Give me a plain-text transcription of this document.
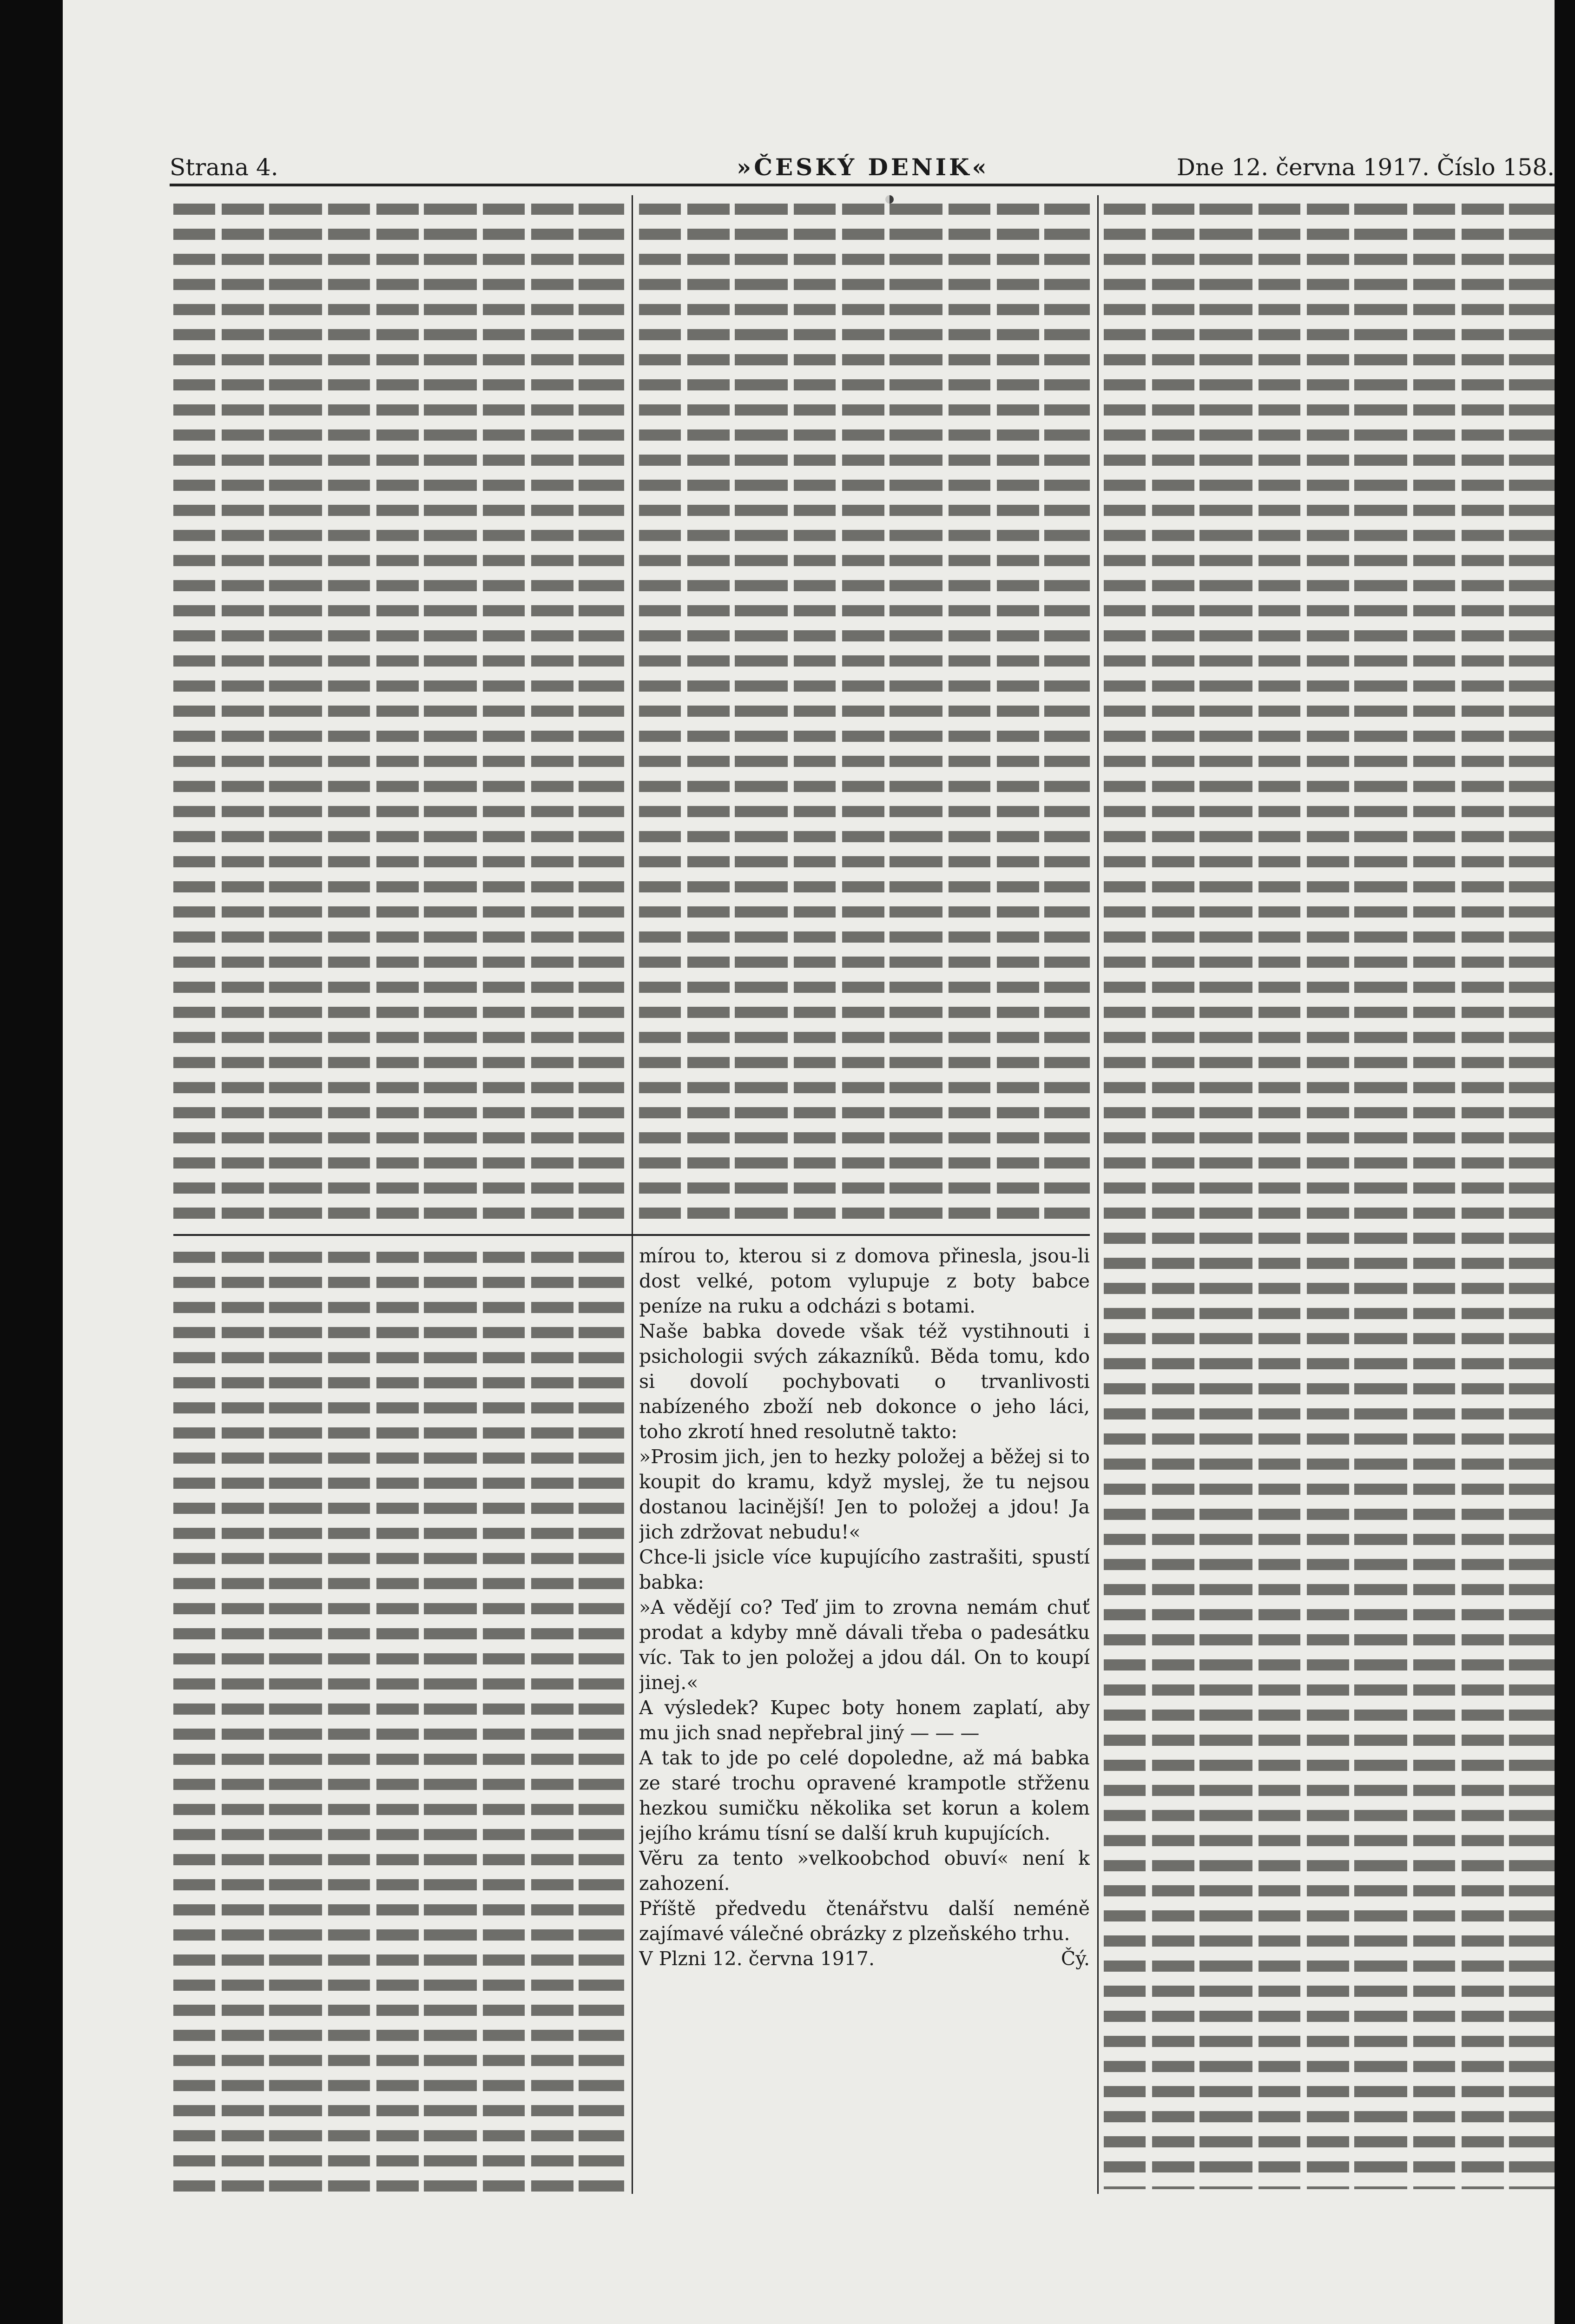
Strana 4.	»ČESKÝ DENIK«	Dne 12. června 1917. Číslo 158.
mírou to, kterou si z domova přinesla, jsou-li dost velké, potom vylupuje z boty babce peníze na ruku a odcházi s botami.
Naše babka dovede však též vystihnouti i psichologii svých zákazníků. Běda tomu, kdo si dovolí pochybovati o trvanlivosti nabízeného zboží neb dokonce o jeho láci, toho zkrotí hned resolutně takto:
»Prosim jich, jen to hezky položej a běžej si to koupit do kramu, když myslej, že tu nejsou dostanou lacinější! Jen to položej a jdou! Ja jich zdržovat nebudu!«
Chce-li jsicle více kupujícího zastrašiti, spustí babka:
»A vědějí co? Teď jim to zrovna nemám chuť prodat a kdyby mně dávali třeba o padesátku víc. Tak to jen položej a jdou dál. On to koupí jinej.«
A výsledek? Kupec boty honem zaplatí, aby mu jich snad nepřebral jiný — — —
A tak to jde po celé dopoledne, až má babka ze staré trochu opravené krampotle střženu hezkou sumičku několika set korun a kolem jejího krámu tísní se další kruh kupujících.
Věru za tento »velkoobchod obuví« není k zahození.
Příště předvedu čtenářstvu další neméně zajímavé válečné obrázky z plzeňského trhu.
V Plzni 12. června 1917.	Čý.
